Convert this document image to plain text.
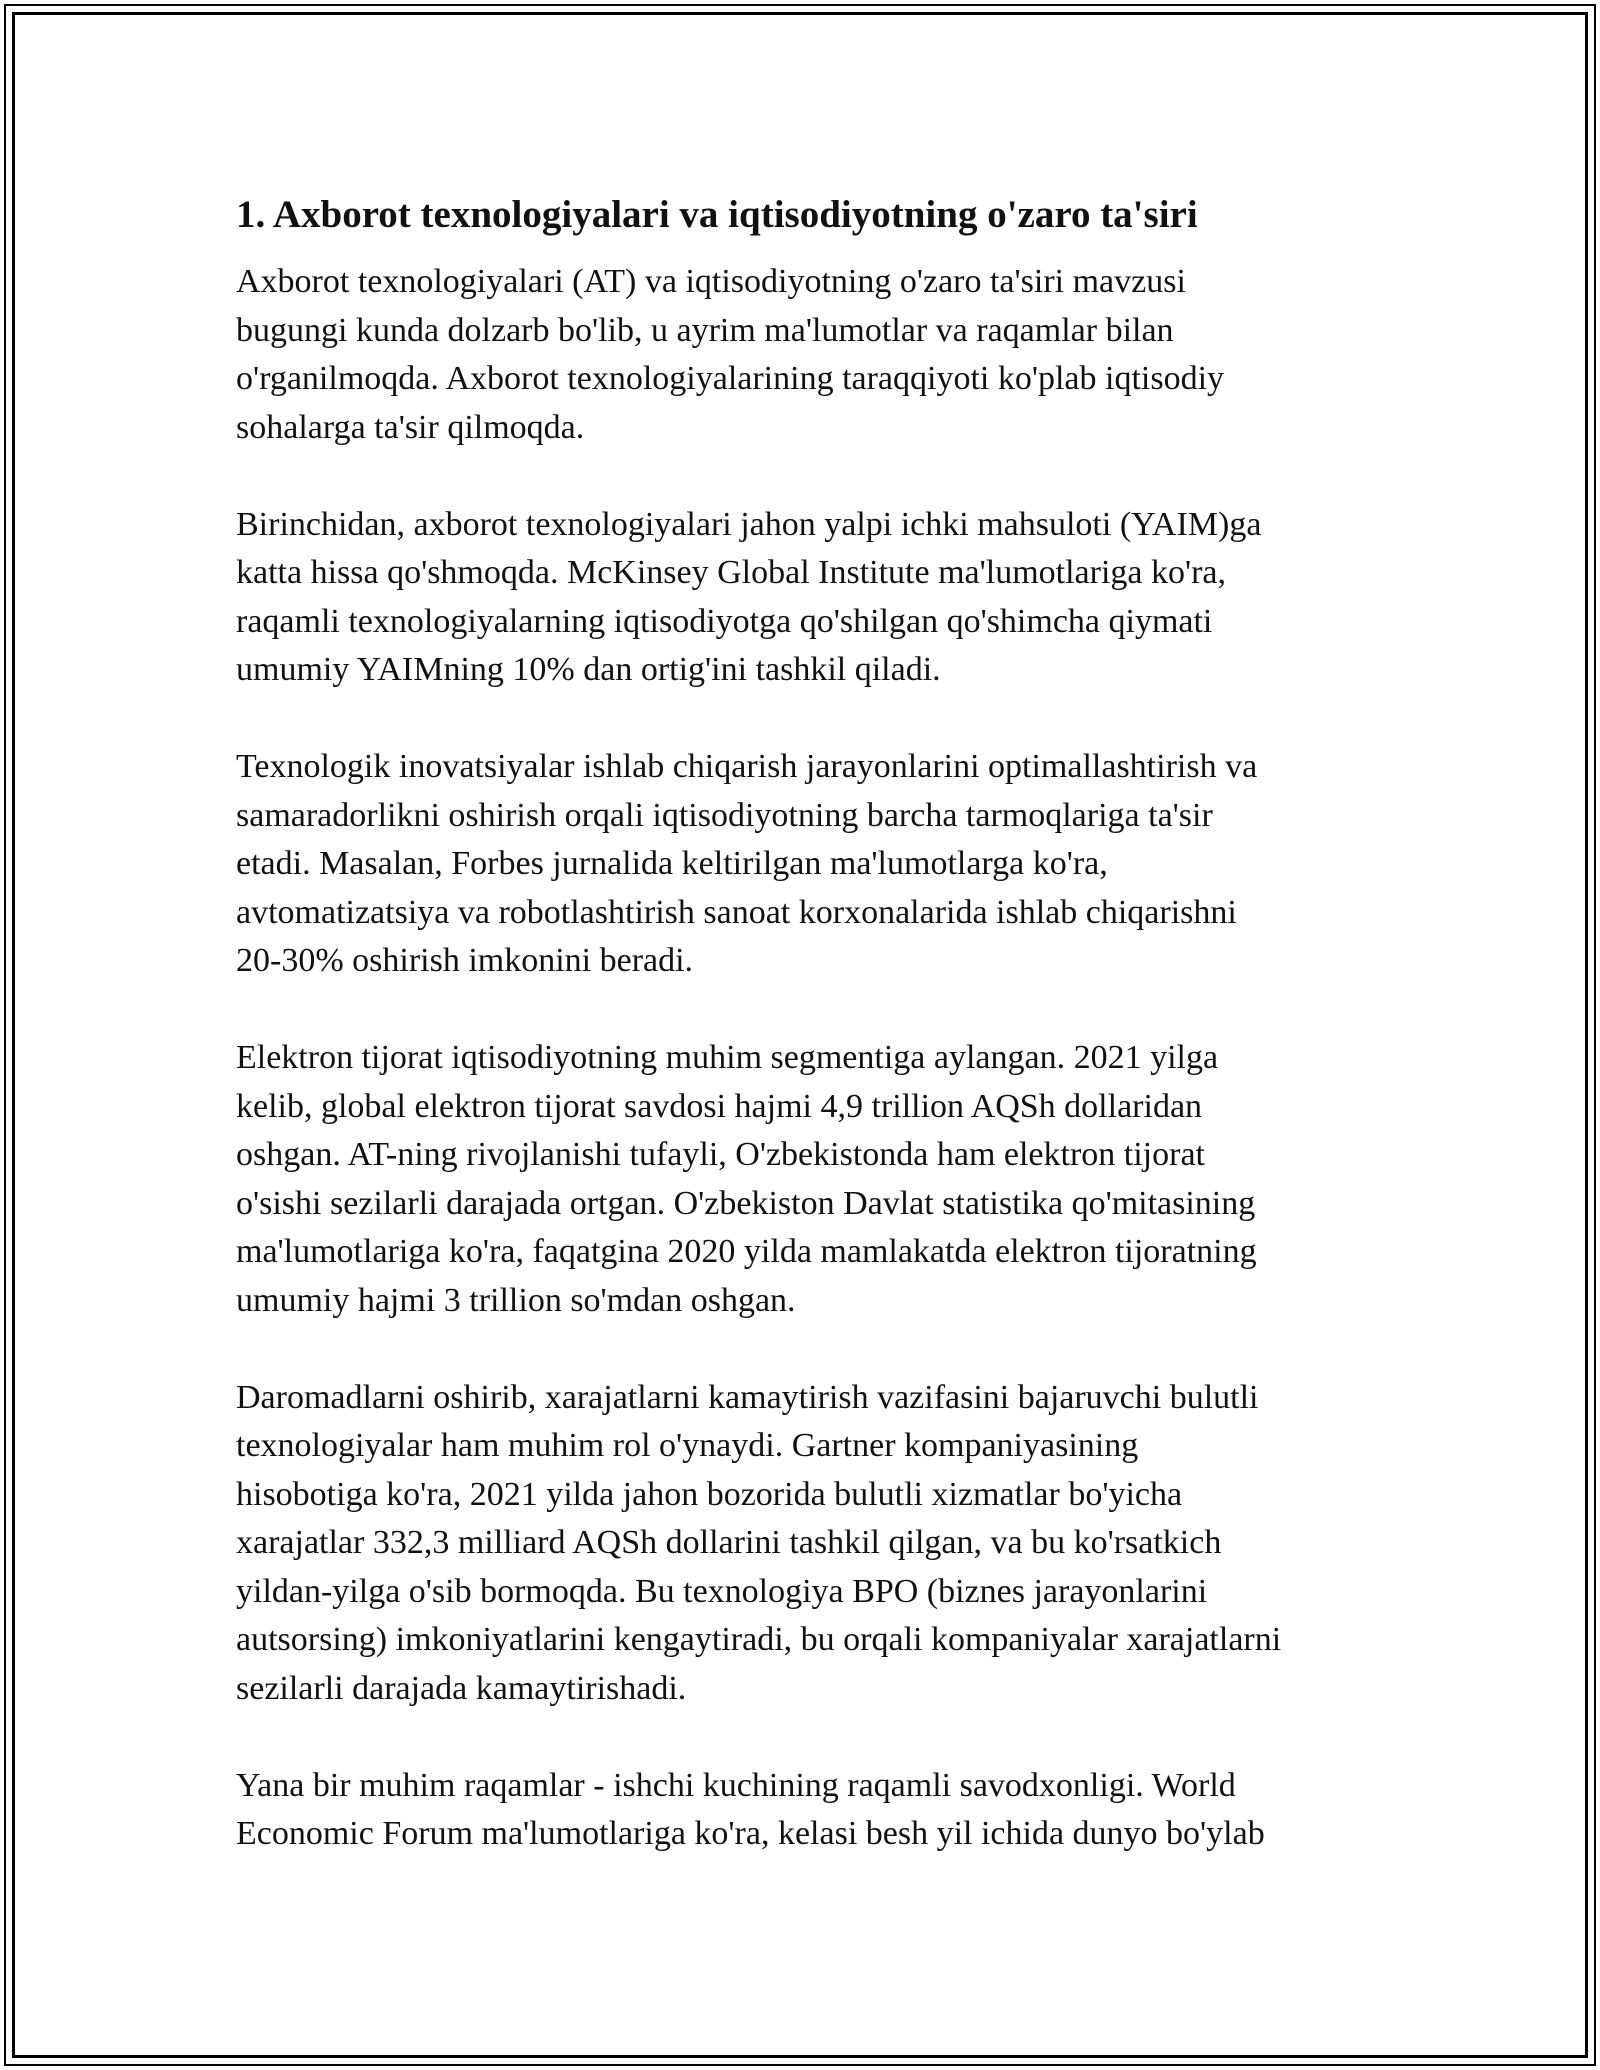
1. Axborot texnologiyalari va iqtisodiyotning o'zaro ta'siri

Axborot texnologiyalari (AT) va iqtisodiyotning o'zaro ta'siri mavzusi
bugungi kunda dolzarb bo'lib, u ayrim ma'lumotlar va raqamlar bilan
o'rganilmoqda. Axborot texnologiyalarining taraqqiyoti ko'plab iqtisodiy
sohalarga ta'sir qilmoqda.

Birinchidan, axborot texnologiyalari jahon yalpi ichki mahsuloti (YAIM)ga
katta hissa qo'shmoqda. McKinsey Global Institute ma'lumotlariga ko'ra,
raqamli texnologiyalarning iqtisodiyotga qo'shilgan qo'shimcha qiymati
umumiy YAIMning 10% dan ortig'ini tashkil qiladi.

Texnologik inovatsiyalar ishlab chiqarish jarayonlarini optimallashtirish va
samaradorlikni oshirish orqali iqtisodiyotning barcha tarmoqlariga ta'sir
etadi. Masalan, Forbes jurnalida keltirilgan ma'lumotlarga ko'ra,
avtomatizatsiya va robotlashtirish sanoat korxonalarida ishlab chiqarishni
20-30% oshirish imkonini beradi.

Elektron tijorat iqtisodiyotning muhim segmentiga aylangan. 2021 yilga
kelib, global elektron tijorat savdosi hajmi 4,9 trillion AQSh dollaridan
oshgan. AT-ning rivojlanishi tufayli, O'zbekistonda ham elektron tijorat
o'sishi sezilarli darajada ortgan. O'zbekiston Davlat statistika qo'mitasining
ma'lumotlariga ko'ra, faqatgina 2020 yilda mamlakatda elektron tijoratning
umumiy hajmi 3 trillion so'mdan oshgan.

Daromadlarni oshirib, xarajatlarni kamaytirish vazifasini bajaruvchi bulutli
texnologiyalar ham muhim rol o'ynaydi. Gartner kompaniyasining
hisobotiga ko'ra, 2021 yilda jahon bozorida bulutli xizmatlar bo'yicha
xarajatlar 332,3 milliard AQSh dollarini tashkil qilgan, va bu ko'rsatkich
yildan-yilga o'sib bormoqda. Bu texnologiya BPO (biznes jarayonlarini
autsorsing) imkoniyatlarini kengaytiradi, bu orqali kompaniyalar xarajatlarni
sezilarli darajada kamaytirishadi.

Yana bir muhim raqamlar - ishchi kuchining raqamli savodxonligi. World
Economic Forum ma'lumotlariga ko'ra, kelasi besh yil ichida dunyo bo'ylab
